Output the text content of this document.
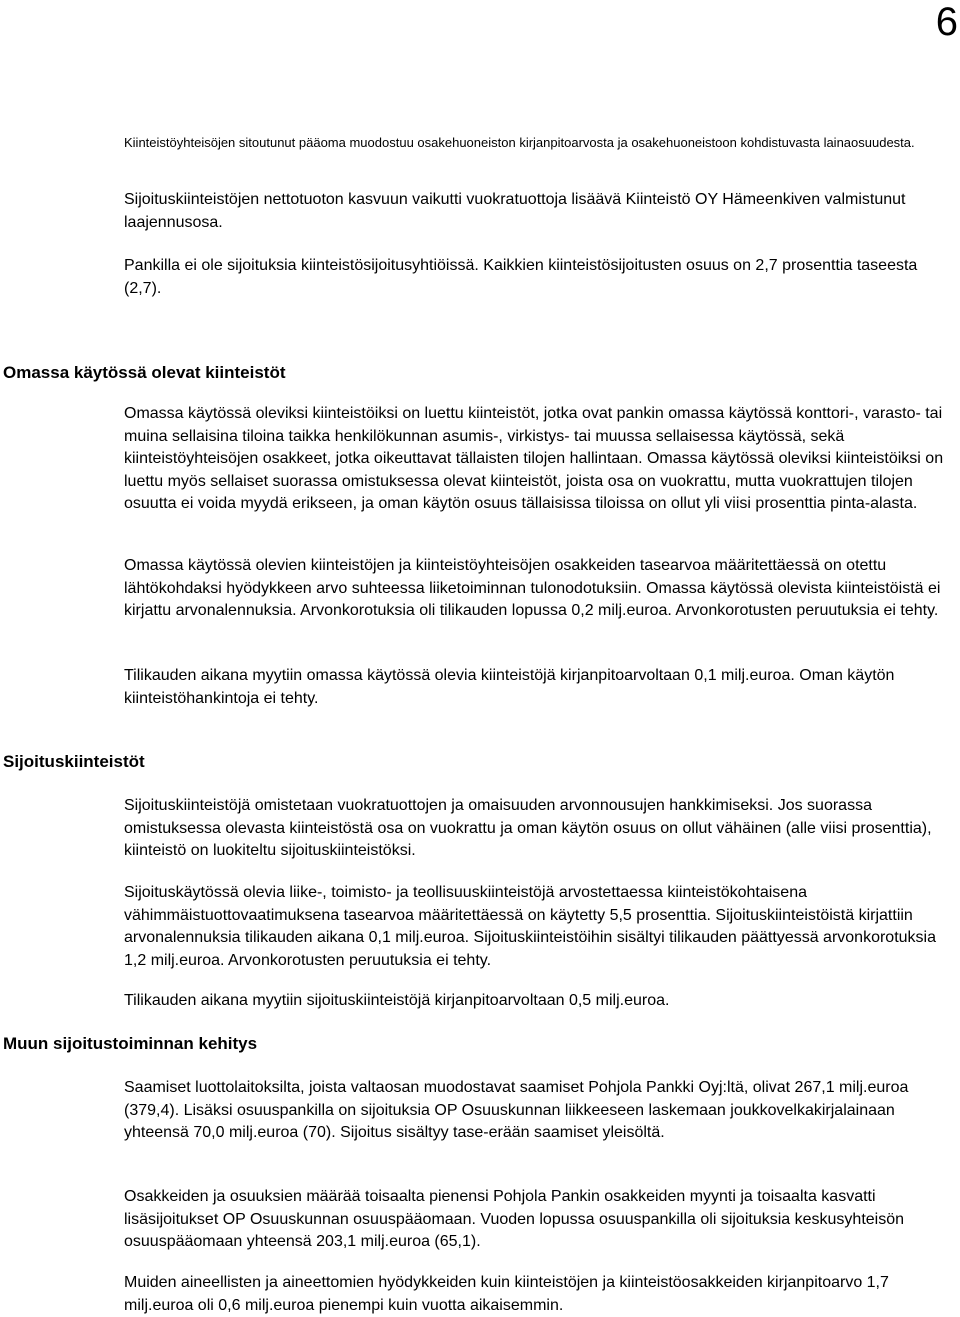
6

Kiinteistöyhteisöjen sitoutunut pääoma muodostuu osakehuoneiston kirjanpitoarvosta ja osakehuoneistoon kohdistuvasta lainaosuudesta.

Sijoituskiinteistöjen nettotuoton kasvuun vaikutti vuokratuottoja lisäävä Kiinteistö OY Hämeenkiven valmistunut laajennusosa.

Pankilla ei ole sijoituksia kiinteistösijoitusyhtiöissä. Kaikkien kiinteistösijoitusten osuus on 2,7 prosenttia taseesta (2,7).

Omassa käytössä olevat kiinteistöt

Omassa käytössä oleviksi kiinteistöiksi on luettu kiinteistöt, jotka ovat pankin omassa käytössä konttori-, varasto- tai muina sellaisina tiloina taikka henkilökunnan asumis-, virkistys- tai muussa sellaisessa käytössä, sekä kiinteistöyhteisöjen osakkeet, jotka oikeuttavat tällaisten tilojen hallintaan. Omassa käytössä oleviksi kiinteistöiksi on luettu myös sellaiset suorassa omistuksessa olevat kiinteistöt, joista osa on vuokrattu, mutta vuokrattujen tilojen osuutta ei voida myydä erikseen, ja oman käytön osuus tällaisissa tiloissa on ollut yli viisi prosenttia pinta-alasta.

Omassa käytössä olevien kiinteistöjen ja kiinteistöyhteisöjen osakkeiden tasearvoa määritettäessä on otettu lähtökohdaksi hyödykkeen arvo suhteessa liiketoiminnan tulonodotuksiin. Omassa käytössä olevista kiinteistöistä ei kirjattu arvonalennuksia. Arvonkorotuksia oli tilikauden lopussa 0,2 milj.euroa. Arvonkorotusten peruutuksia ei tehty.

Tilikauden aikana myytiin omassa käytössä olevia kiinteistöjä kirjanpitoarvoltaan 0,1 milj.euroa. Oman käytön kiinteistöhankintoja ei tehty.

Sijoituskiinteistöt

Sijoituskiinteistöjä omistetaan vuokratuottojen ja omaisuuden arvonnousujen hankkimiseksi. Jos suorassa omistuksessa olevasta kiinteistöstä osa on vuokrattu ja oman käytön osuus on ollut vähäinen (alle viisi prosenttia), kiinteistö on luokiteltu sijoituskiinteistöksi.

Sijoituskäytössä olevia liike-, toimisto- ja teollisuuskiinteistöjä arvostettaessa kiinteistökohtaisena vähimmäistuottovaatimuksena tasearvoa määritettäessä on käytetty 5,5 prosenttia. Sijoituskiinteistöistä kirjattiin arvonalennuksia tilikauden aikana 0,1 milj.euroa. Sijoituskiinteistöihin sisältyi tilikauden päättyessä arvonkorotuksia 1,2 milj.euroa. Arvonkorotusten peruutuksia ei tehty.

Tilikauden aikana myytiin sijoituskiinteistöjä kirjanpitoarvoltaan 0,5 milj.euroa.

Muun sijoitustoiminnan kehitys

Saamiset luottolaitoksilta, joista valtaosan muodostavat saamiset Pohjola Pankki Oyj:ltä, olivat 267,1 milj.euroa (379,4). Lisäksi osuuspankilla on sijoituksia OP Osuuskunnan liikkeeseen laskemaan joukkovelkakirjalainaan yhteensä 70,0 milj.euroa (70). Sijoitus sisältyy tase-erään saamiset yleisöltä.

Osakkeiden ja osuuksien määrää toisaalta pienensi Pohjola Pankin osakkeiden myynti ja toisaalta kasvatti lisäsijoitukset OP Osuuskunnan osuuspääomaan. Vuoden lopussa osuuspankilla oli sijoituksia keskusyhteisön osuuspääomaan yhteensä 203,1 milj.euroa (65,1).

Muiden aineellisten ja aineettomien hyödykkeiden kuin kiinteistöjen ja kiinteistöosakkeiden kirjanpitoarvo 1,7 milj.euroa oli 0,6 milj.euroa pienempi kuin vuotta aikaisemmin.
